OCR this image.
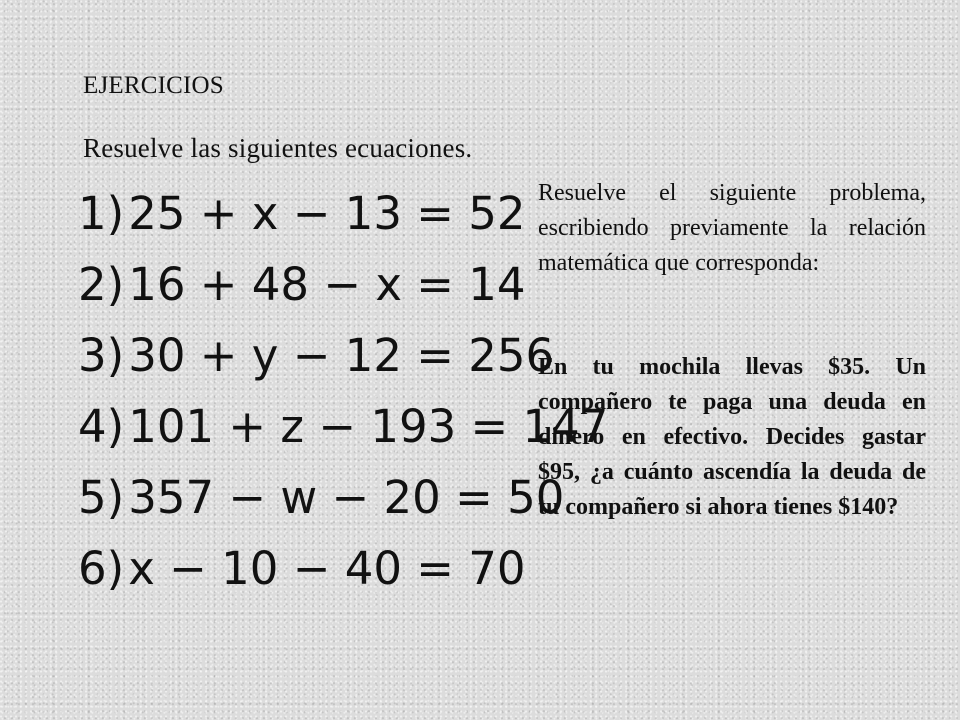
EJERCICIOS
Resuelve las siguientes ecuaciones.
1)25 + x − 13 = 52
2)16 + 48 − x = 14
3)30 + y − 12 = 256
4)101 + z − 193 = 147
5)357 − w − 20 = 50
6)x − 10 − 40 = 70

Resuelve el siguiente problema, escribiendo previamente la relación matemática que corresponda:

En tu mochila llevas $35. Un compañero te paga una deuda en dinero en efectivo. Decides gastar $95, ¿a cuánto ascendía la deuda de tu compañero si ahora tienes $140?
